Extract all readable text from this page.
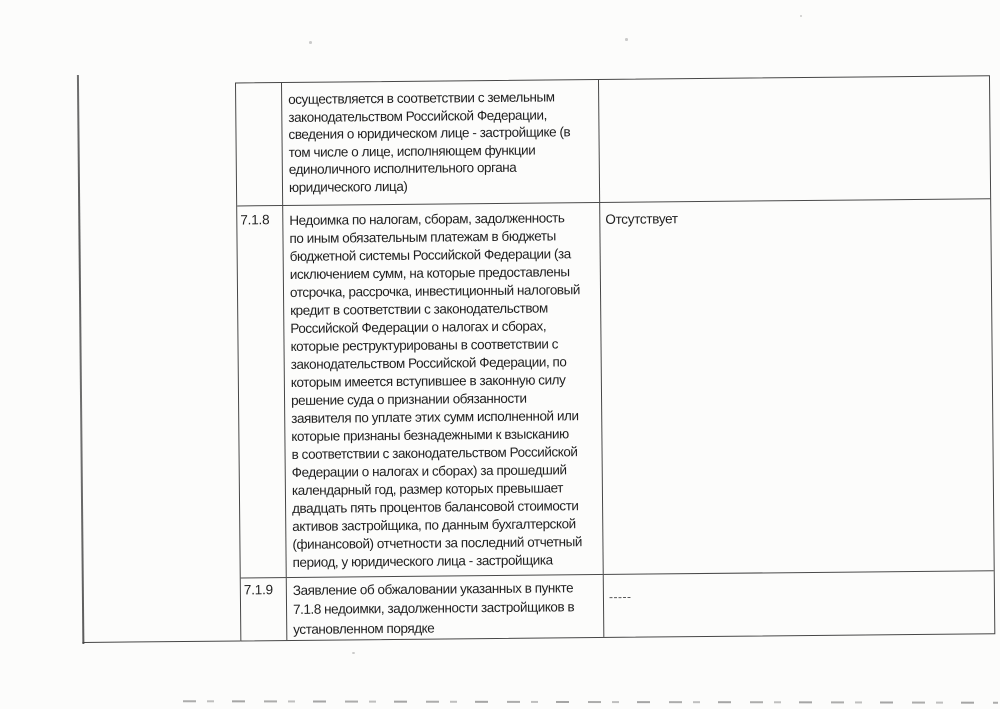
осуществляется в соответствии с земельным
законодательством Российской Федерации,
сведения о юридическом лице - застройщике (в
том числе о лице, исполняющем функции
единоличного исполнительного органа
юридического лица)
7.1.8	Недоимка по налогам, сборам, задолженность
по иным обязательным платежам в бюджеты
бюджетной системы Российской Федерации (за
исключением сумм, на которые предоставлены
отсрочка, рассрочка, инвестиционный налоговый
кредит в соответствии с законодательством
Российской Федерации о налогах и сборах,
которые реструктурированы в соответствии с
законодательством Российской Федерации, по
которым имеется вступившее в законную силу
решение суда о признании обязанности
заявителя по уплате этих сумм исполненной или
которые признаны безнадежными к взысканию
в соответствии с законодательством Российской
Федерации о налогах и сборах) за прошедший
календарный год, размер которых превышает
двадцать пять процентов балансовой стоимости
активов застройщика, по данным бухгалтерской
(финансовой) отчетности за последний отчетный
период, у юридического лица - застройщика
Отсутствует
7.1.9	Заявление об обжаловании указанных в пункте
7.1.8 недоимки, задолженности застройщиков в
установленном порядке
-----
